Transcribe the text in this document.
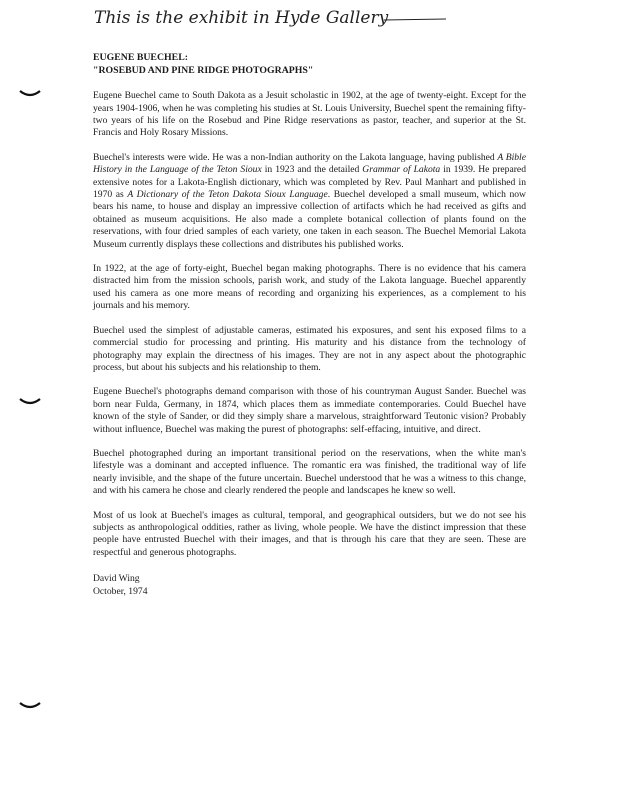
This is the exhibit in Hyde Gallery
EUGENE BUECHEL:
"ROSEBUD AND PINE RIDGE PHOTOGRAPHS"

Eugene Buechel came to South Dakota as a Jesuit scholastic in 1902, at the age of twenty-eight. Except for the years 1904-1906, when he was completing his studies at St. Louis University, Buechel spent the remaining fifty-two years of his life on the Rosebud and Pine Ridge reservations as pastor, teacher, and superior at the St. Francis and Holy Rosary Missions.

Buechel's interests were wide. He was a non-Indian authority on the Lakota language, having published A Bible History in the Language of the Teton Sioux in 1923 and the detailed Grammar of Lakota in 1939. He prepared extensive notes for a Lakota-English dictionary, which was completed by Rev. Paul Manhart and published in 1970 as A Dictionary of the Teton Dakota Sioux Language. Buechel developed a small museum, which now bears his name, to house and display an impressive collection of artifacts which he had received as gifts and obtained as museum acquisitions. He also made a complete botanical collection of plants found on the reservations, with four dried samples of each variety, one taken in each season. The Buechel Memorial Lakota Museum currently displays these collections and distributes his published works.

In 1922, at the age of forty-eight, Buechel began making photographs. There is no evidence that his camera distracted him from the mission schools, parish work, and study of the Lakota language. Buechel apparently used his camera as one more means of recording and organizing his experiences, as a complement to his journals and his memory.

Buechel used the simplest of adjustable cameras, estimated his exposures, and sent his exposed films to a commercial studio for processing and printing. His maturity and his distance from the technology of photography may explain the directness of his images. They are not in any aspect about the photographic process, but about his subjects and his relationship to them.

Eugene Buechel's photographs demand comparison with those of his countryman August Sander. Buechel was born near Fulda, Germany, in 1874, which places them as immediate contemporaries. Could Buechel have known of the style of Sander, or did they simply share a marvelous, straightforward Teutonic vision? Probably without influence, Buechel was making the purest of photographs: self-effacing, intuitive, and direct.

Buechel photographed during an important transitional period on the reservations, when the white man's lifestyle was a dominant and accepted influence. The romantic era was finished, the traditional way of life nearly invisible, and the shape of the future uncertain. Buechel understood that he was a witness to this change, and with his camera he chose and clearly rendered the people and landscapes he knew so well.

Most of us look at Buechel's images as cultural, temporal, and geographical outsiders, but we do not see his subjects as anthropological oddities, rather as living, whole people. We have the distinct impression that these people have entrusted Buechel with their images, and that is through his care that they are seen. These are respectful and generous photographs.

David Wing
October, 1974
